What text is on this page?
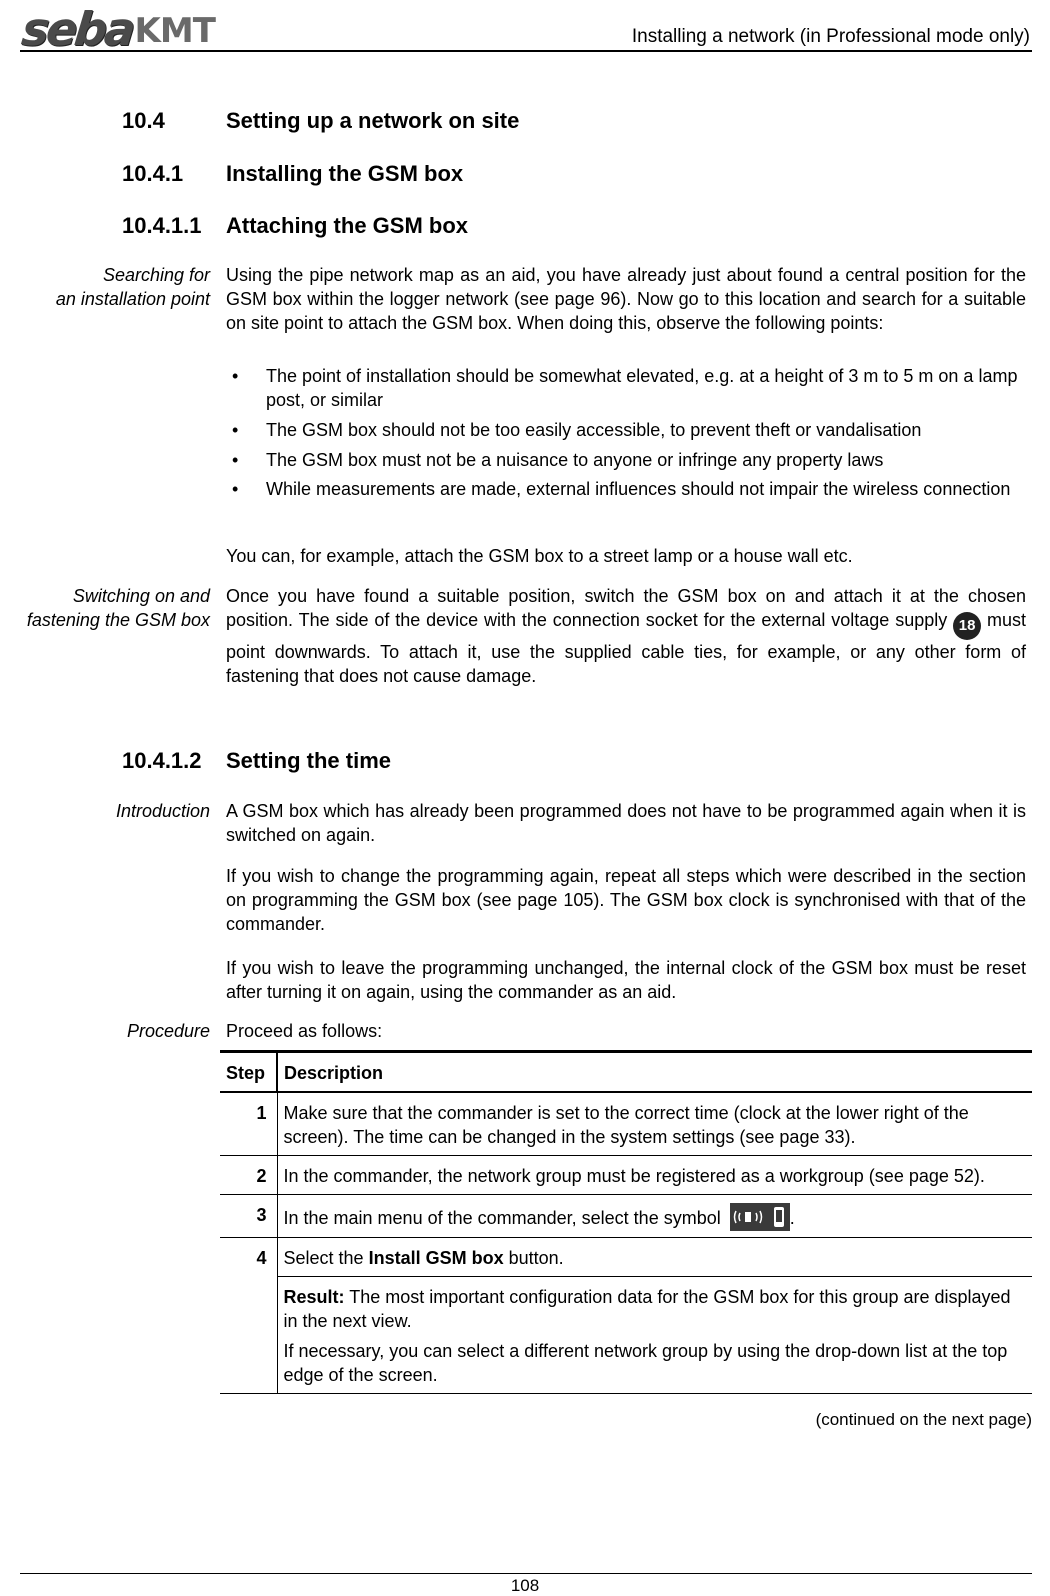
seba KMT	Installing a network (in Professional mode only)
10.4	Setting up a network on site
10.4.1 Installing the GSM box
10.4.1.1 Attaching the GSM box
Searching for
an installation point
Using the pipe network map as an aid, you have already just about found a central position for the GSM box within the logger network (see page 96). Now go to this location and search for a suitable on site point to attach the GSM box. When doing this, observe the following points:
• The point of installation should be somewhat elevated, e.g. at a height of 3 m to 5 m on a lamp post, or similar
• The GSM box should not be too easily accessible, to prevent theft or vandalisation
• The GSM box must not be a nuisance to anyone or infringe any property laws
• While measurements are made, external influences should not impair the wireless connection
You can, for example, attach the GSM box to a street lamp or a house wall etc.
Switching on and
fastening the GSM box
Once you have found a suitable position, switch the GSM box on and attach it at the chosen position. The side of the device with the connection socket for the external voltage supply 18 must point downwards. To attach it, use the supplied cable ties, for example, or any other form of fastening that does not cause damage.
10.4.1.2 Setting the time
Introduction A GSM box which has already been programmed does not have to be programmed again when it is switched on again.
If you wish to change the programming again, repeat all steps which were described in the section on programming the GSM box (see page 105). The GSM box clock is synchronised with that of the commander.
If you wish to leave the programming unchanged, the internal clock of the GSM box must be reset after turning it on again, using the commander as an aid.
Procedure Proceed as follows:
Step	Description
1	Make sure that the commander is set to the correct time (clock at the lower right of the screen). The time can be changed in the system settings (see page 33).
2	In the commander, the network group must be registered as a workgroup (see page 52).
3	In the main menu of the commander, select the symbol .
4	Select the Install GSM box button.

Result: The most important configuration data for the GSM box for this group are displayed in the next view.

If necessary, you can select a different network group by using the drop-down list at the top edge of the screen.

(continued on the next page)
108
